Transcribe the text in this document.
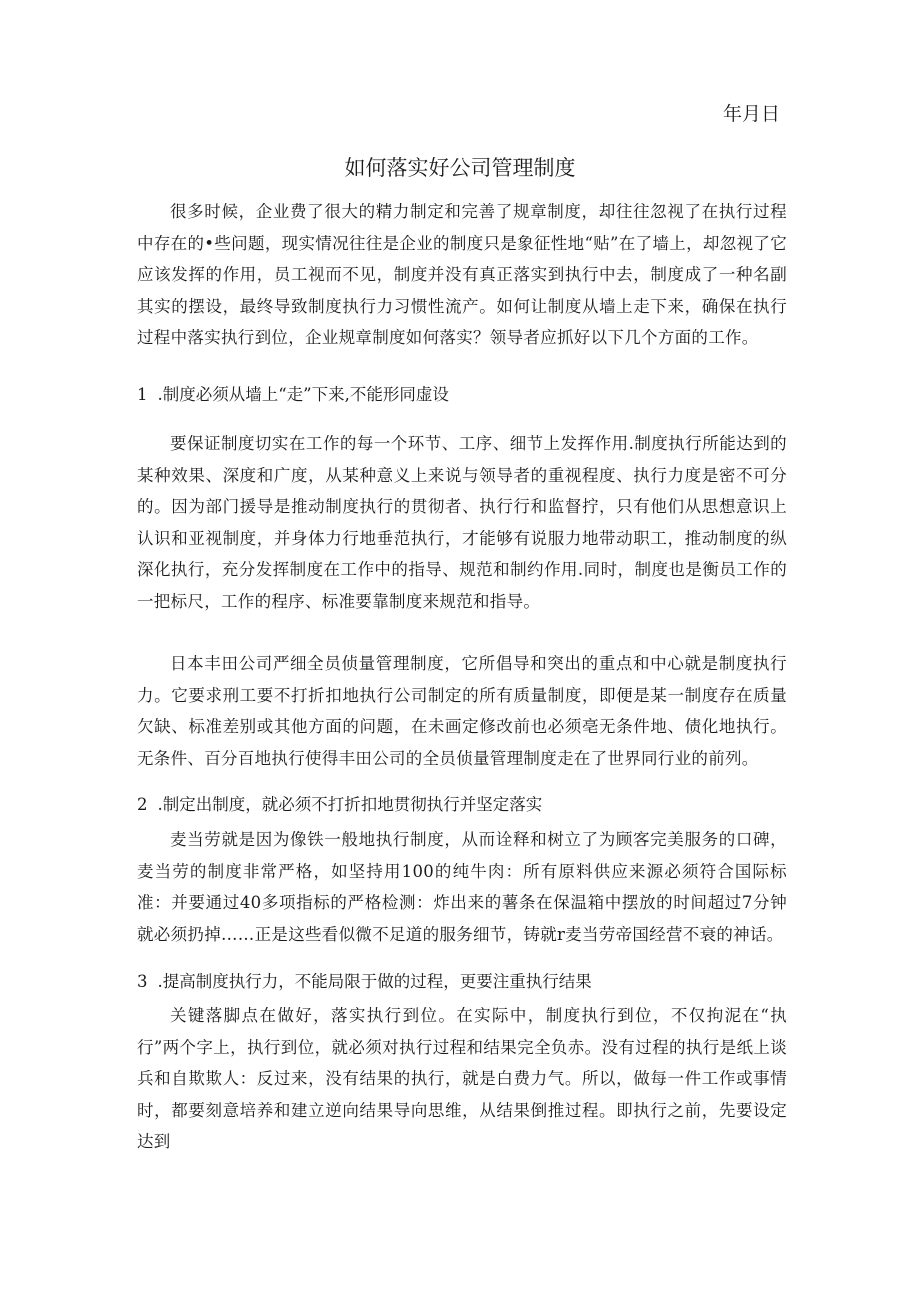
年月日
如何落实好公司管理制度

很多时候，企业费了很大的精力制定和完善了规章制度，却往往忽视了在执行过程中存在的•些问题，现实情况往往是企业的制度只是象征性地“贴”在了墙上，却忽视了它应该发挥的作用，员工视而不见，制度并没有真正落实到执行中去，制度成了一种名副其实的摆设，最终导致制度执行力习惯性流产。如何让制度从墙上走下来，确保在执行过程中落实执行到位，企业规章制度如何落实？领导者应抓好以下几个方面的工作。

1 .制度必须从墙上“走”下来,不能形同虚设

要保证制度切实在工作的每一个环节、工序、细节上发挥作用.制度执行所能达到的某种效果、深度和广度，从某种意义上来说与领导者的重视程度、执行力度是密不可分的。因为部门援导是推动制度执行的贯彻者、执行行和监督拧，只有他们从思想意识上认识和亚视制度，并身体力行地垂范执行，才能够有说服力地带动职工，推动制度的纵深化执行，充分发挥制度在工作中的指导、规范和制约作用.同时，制度也是衡员工作的一把标尺，工作的程序、标准要靠制度来规范和指导。

日本丰田公司严细全员侦量管理制度，它所倡导和突出的重点和中心就是制度执行力。它要求刑工要不打折扣地执行公司制定的所有质量制度，即便是某一制度存在质量欠缺、标准差别或其他方面的问题，在未画定修改前也必须亳无条件地、债化地执行。无条件、百分百地执行使得丰田公司的全员侦量管理制度走在了世界同行业的前列。

2 .制定出制度，就必须不打折扣地贯彻执行并坚定落实

麦当劳就是因为像铁一般地执行制度，从而诠释和树立了为顾客完美服务的口碑，麦当劳的制度非常严格，如坚持用100的纯牛肉：所有原料供应来源必须符合国际标准：并要通过40多项指标的严格检测：炸出来的薯条在保温箱中摆放的时间超过7分钟就必须扔掉……正是这些看似微不足道的服务细节，铸就r麦当劳帝国经营不衰的神话。

3 .提高制度执行力，不能局限于做的过程，更要注重执行结果

关键落脚点在做好，落实执行到位。在实际中，制度执行到位，不仅拘泥在“执行”两个字上，执行到位，就必须对执行过程和结果完全负赤。没有过程的执行是纸上谈兵和自欺欺人：反过来，没有结果的执行，就是白费力气。所以，做每一件工作或事情时，都要刻意培养和建立逆向结果导向思维，从结果倒推过程。即执行之前，先要设定达到
